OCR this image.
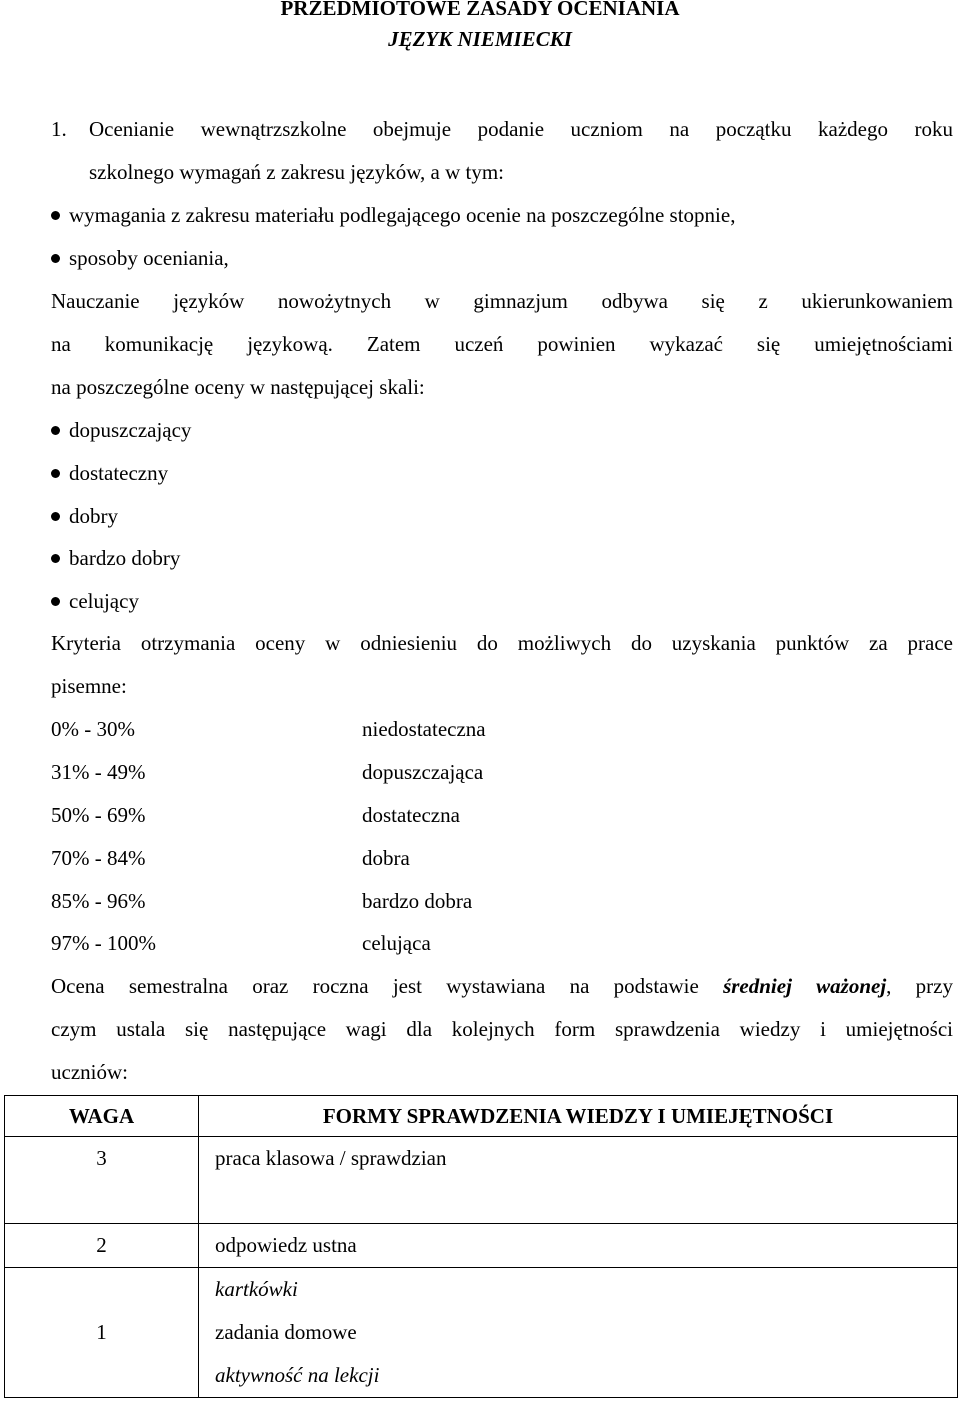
PRZEDMIOTOWE ZASADY OCENIANIA
JĘZYK NIEMIECKI
1. Ocenianie wewnątrzszkolne obejmuje podanie uczniom na początku każdego roku
szkolnego wymagań z zakresu języków, a w tym:
wymagania z zakresu materiału podlegającego ocenie na poszczególne stopnie,
sposoby oceniania,
Nauczanie języków nowożytnych w gimnazjum odbywa się z ukierunkowaniem
na komunikację językową. Zatem uczeń powinien wykazać się umiejętnościami
na poszczególne oceny w następującej skali:
dopuszczający
dostateczny
dobry
bardzo dobry
celujący
Kryteria otrzymania oceny w odniesieniu do możliwych do uzyskania punktów za prace
pisemne:
0% - 30%	niedostateczna
31% - 49%	dopuszczająca
50% - 69%	dostateczna
70% - 84%	dobra
85% - 96%	bardzo dobra
97% - 100%	celująca
Ocena semestralna oraz roczna jest wystawiana na podstawie średniej ważonej, przy
czym ustala się następujące wagi dla kolejnych form sprawdzenia wiedzy i umiejętności
uczniów:
WAGA	FORMY SPRAWDZENIA WIEDZY I UMIEJĘTNOŚCI

3	praca klasowa / sprawdzian

2	odpowiedz ustna

1	kartkówki
zadania domowe
aktywność na lekcji
